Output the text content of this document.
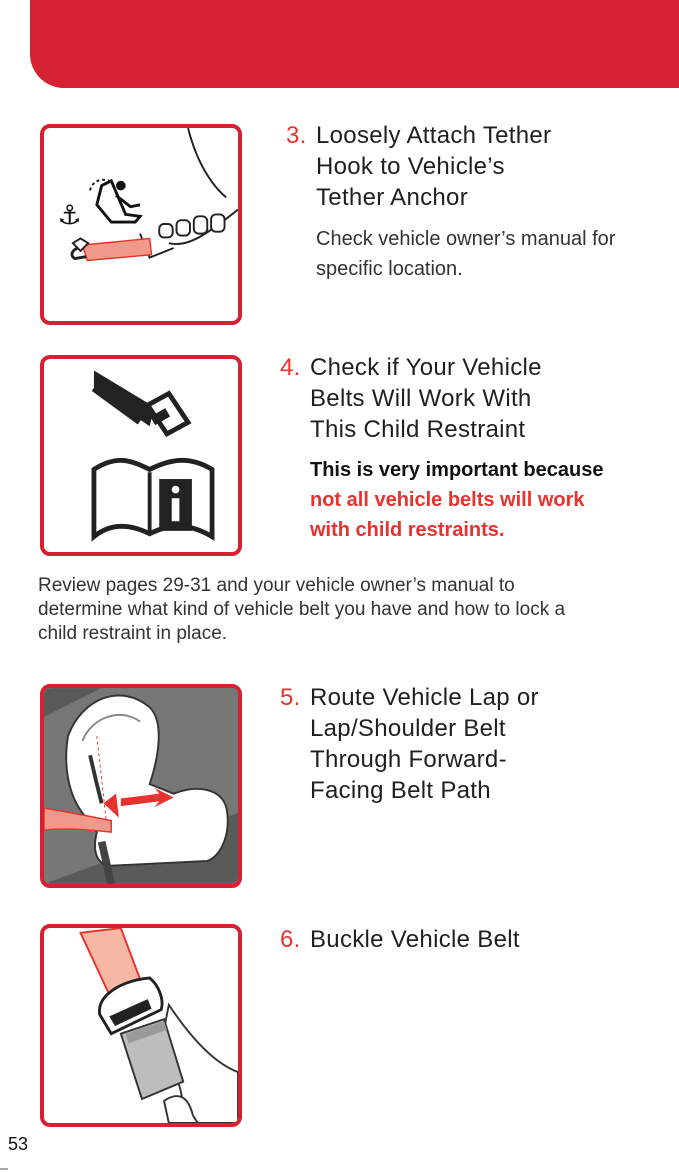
⚓
3. Loosely Attach Tether
Hook to Vehicle’s
Tether Anchor
Check vehicle owner’s manual for
specific location.
4. Check if Your Vehicle
Belts Will Work With
This Child Restraint
This is very important because
not all vehicle belts will work
with child restraints.
Review pages 29-31 and your vehicle owner’s manual to
determine what kind of vehicle belt you have and how to lock a
child restraint in place.
5. Route Vehicle Lap or
Lap/Shoulder Belt
Through Forward-
Facing Belt Path
6. Buckle Vehicle Belt
53
